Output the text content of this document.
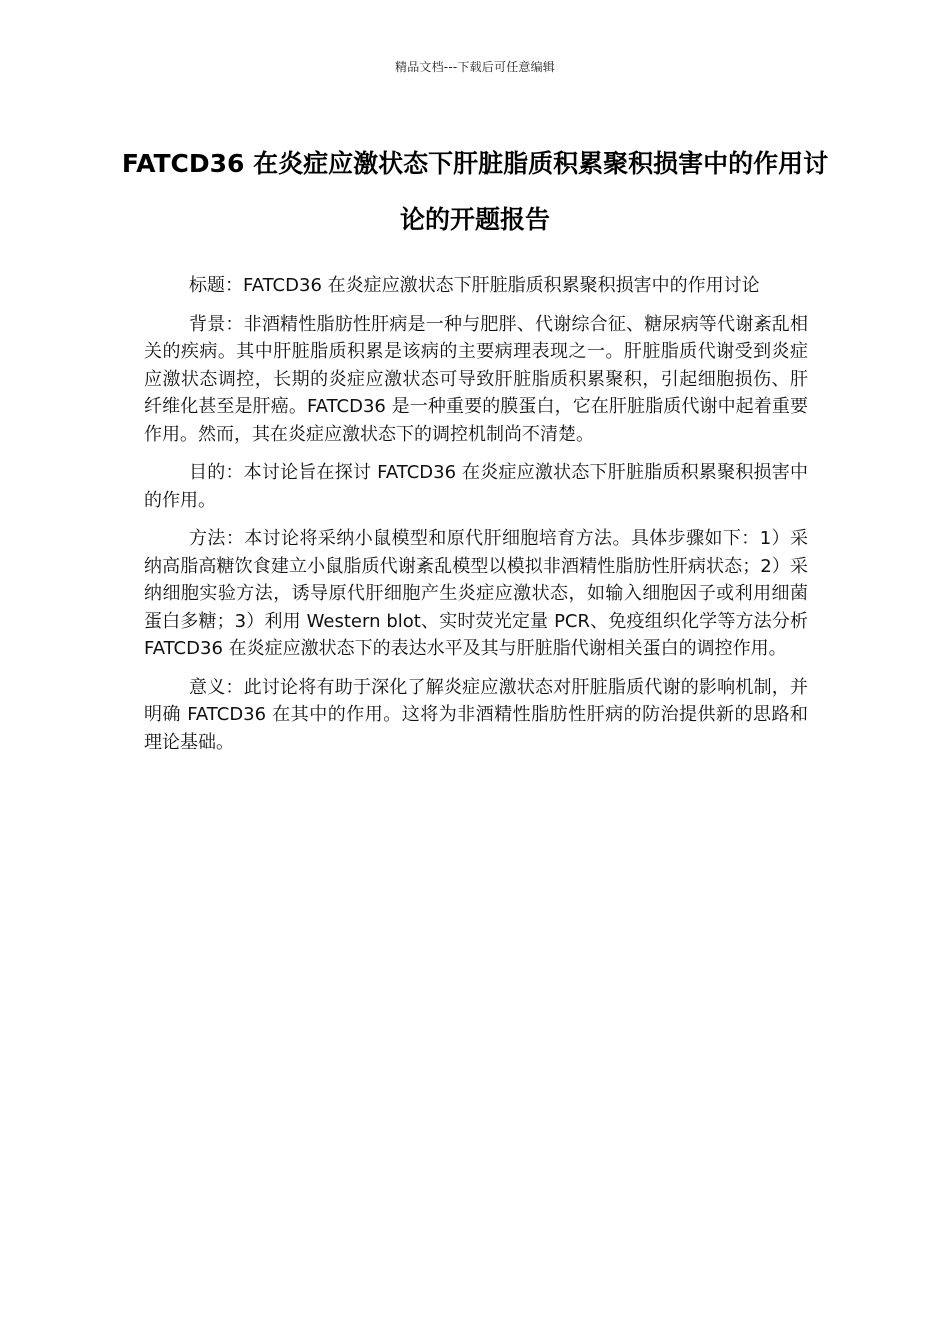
精品文档---下载后可任意编辑
FATCD36 在炎症应激状态下肝脏脂质积累聚积损害中的作用讨论的开题报告

标题：FATCD36 在炎症应激状态下肝脏脂质积累聚积损害中的作用讨论

背景：非酒精性脂肪性肝病是一种与肥胖、代谢综合征、糖尿病等代谢紊乱相关的疾病。其中肝脏脂质积累是该病的主要病理表现之一。肝脏脂质代谢受到炎症应激状态调控，长期的炎症应激状态可导致肝脏脂质积累聚积，引起细胞损伤、肝纤维化甚至是肝癌。FATCD36 是一种重要的膜蛋白，它在肝脏脂质代谢中起着重要作用。然而，其在炎症应激状态下的调控机制尚不清楚。

目的：本讨论旨在探讨 FATCD36 在炎症应激状态下肝脏脂质积累聚积损害中的作用。

方法：本讨论将采纳小鼠模型和原代肝细胞培育方法。具体步骤如下：1）采纳高脂高糖饮食建立小鼠脂质代谢紊乱模型以模拟非酒精性脂肪性肝病状态；2）采纳细胞实验方法，诱导原代肝细胞产生炎症应激状态，如输入细胞因子或利用细菌蛋白多糖；3）利用 Western blot、实时荧光定量 PCR、免疫组织化学等方法分析 FATCD36 在炎症应激状态下的表达水平及其与肝脏脂代谢相关蛋白的调控作用。

意义：此讨论将有助于深化了解炎症应激状态对肝脏脂质代谢的影响机制，并明确 FATCD36 在其中的作用。这将为非酒精性脂肪性肝病的防治提供新的思路和理论基础。
